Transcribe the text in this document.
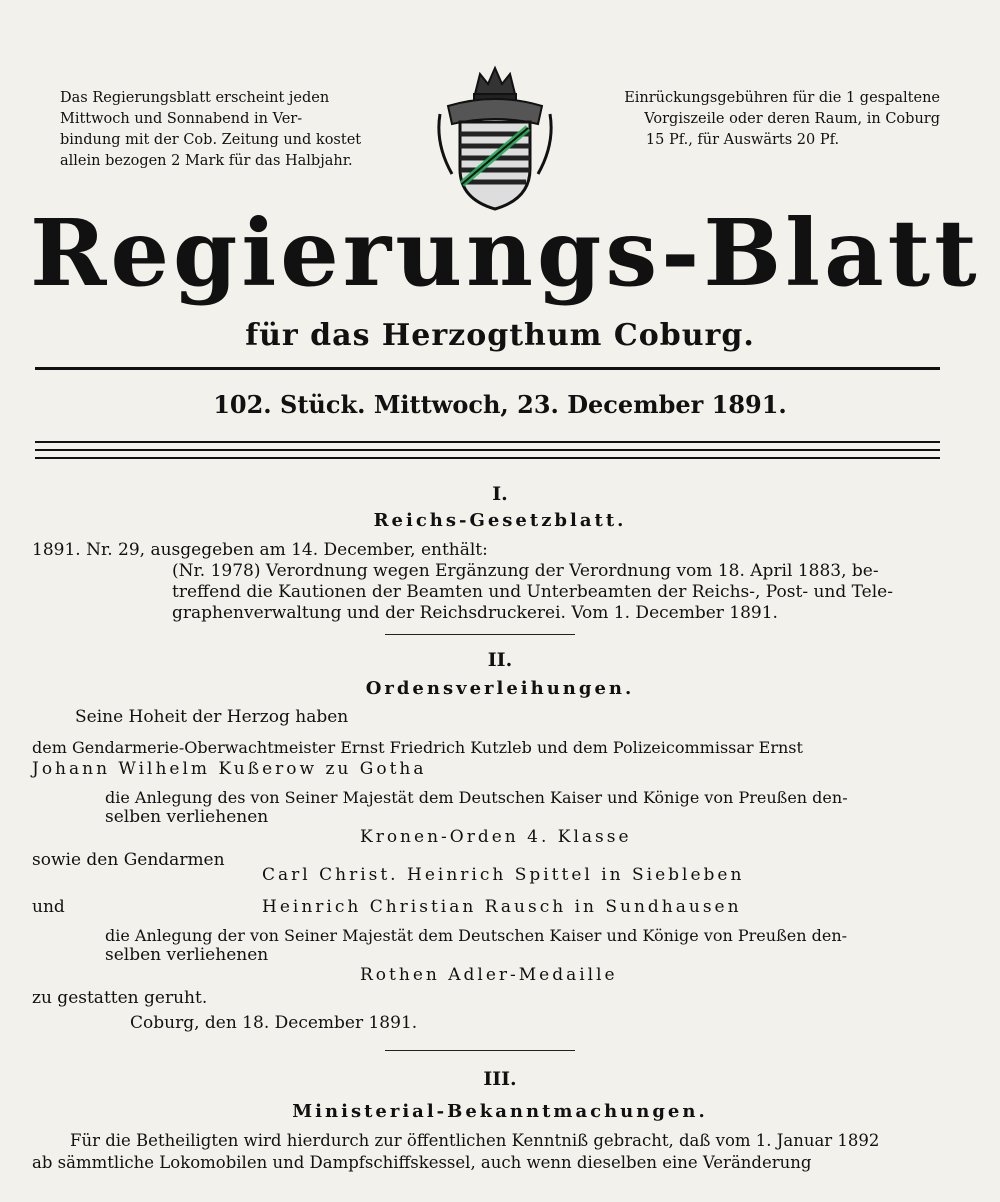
Das Regierungsblatt erscheint jeden
Mittwoch und Sonnabend in Ver-
bindung mit der Cob. Zeitung und kostet
allein bezogen 2 Mark für das Halbjahr.
Einrückungsgebühren für die 1 gespaltene
Vorgiszeile oder deren Raum, in Coburg
15 Pf., für Auswärts 20 Pf.
Regierungs-Blatt
für das Herzogthum Coburg.
102. Stück. Mittwoch, 23. December 1891.
I.
Reichs-Gesetzblatt.
1891. Nr. 29, ausgegeben am 14. December, enthält:
(Nr. 1978) Verordnung wegen Ergänzung der Verordnung vom 18. April 1883, be-
treffend die Kautionen der Beamten und Unterbeamten der Reichs-, Post- und Tele-
graphenverwaltung und der Reichsdruckerei. Vom 1. December 1891.
II.
Ordensverleihungen.
Seine Hoheit der Herzog haben
dem Gendarmerie-Oberwachtmeister Ernst Friedrich Kutzleb und dem Polizeicommissar Ernst
Johann Wilhelm Kußerow zu Gotha
die Anlegung des von Seiner Majestät dem Deutschen Kaiser und Könige von Preußen den-
selben verliehenen
Kronen-Orden 4. Klasse
sowie den Gendarmen
Carl Christ. Heinrich Spittel in Siebleben
und	Heinrich Christian Rausch in Sundhausen
die Anlegung der von Seiner Majestät dem Deutschen Kaiser und Könige von Preußen den-
selben verliehenen
Rothen Adler-Medaille
zu gestatten geruht.
Coburg, den 18. December 1891.
III.
Ministerial-Bekanntmachungen.
Für die Betheiligten wird hierdurch zur öffentlichen Kenntniß gebracht, daß vom 1. Januar 1892
ab sämmtliche Lokomobilen und Dampfschiffskessel, auch wenn dieselben eine Veränderung
